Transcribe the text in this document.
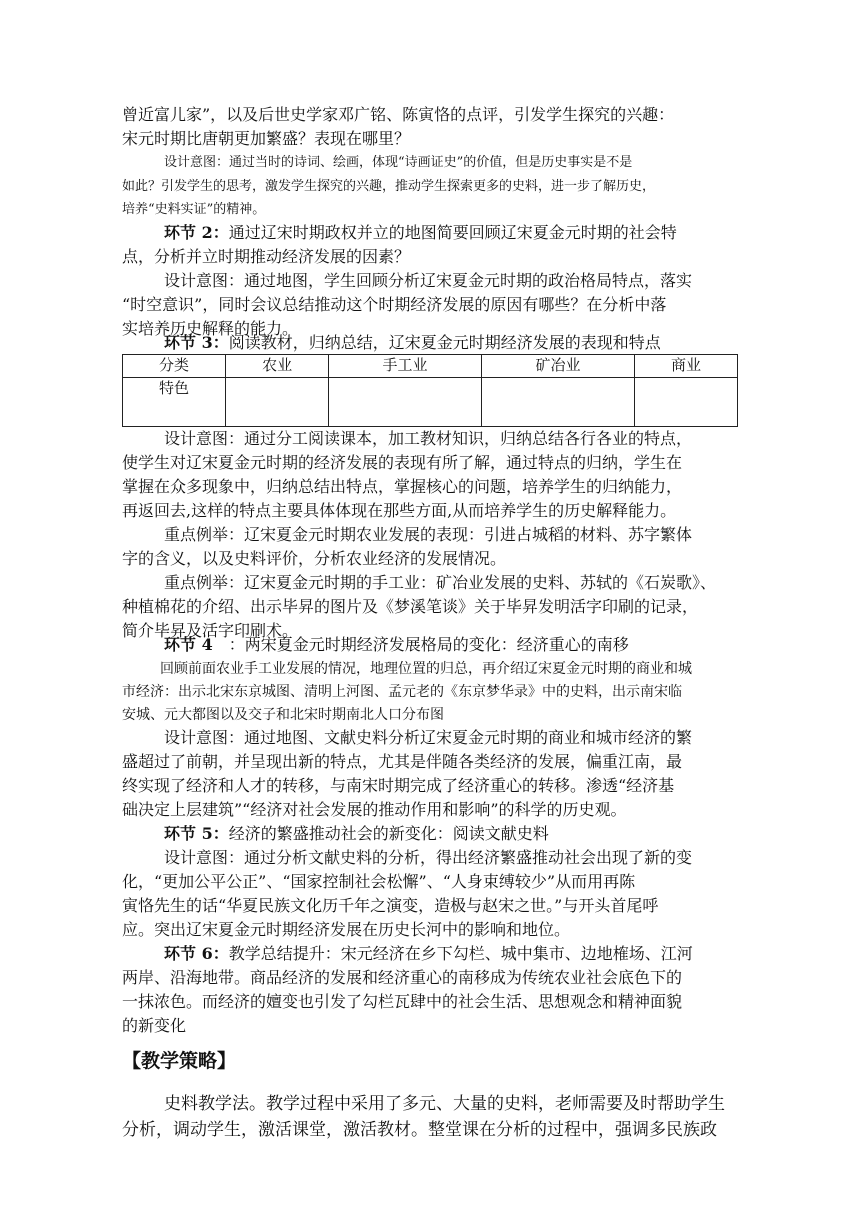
曾近富儿家”，以及后世史学家邓广铭、陈寅恪的点评，引发学生探究的兴趣：
宋元时期比唐朝更加繁盛？表现在哪里？
设计意图：通过当时的诗词、绘画，体现“诗画证史”的价值，但是历史事实是不是
如此？引发学生的思考，激发学生探究的兴趣，推动学生探索更多的史料，进一步了解历史，
培养“史料实证”的精神。
环节 2：通过辽宋时期政权并立的地图简要回顾辽宋夏金元时期的社会特
点，分析并立时期推动经济发展的因素？
设计意图：通过地图，学生回顾分析辽宋夏金元时期的政治格局特点，落实
“时空意识”，同时会议总结推动这个时期经济发展的原因有哪些？在分析中落
实培养历史解释的能力。
环节 3：阅读教材，归纳总结，辽宋夏金元时期经济发展的表现和特点
分类	农业	手工业	矿冶业	商业
特色				
设计意图：通过分工阅读课本，加工教材知识，归纳总结各行各业的特点，
使学生对辽宋夏金元时期的经济发展的表现有所了解，通过特点的归纳，学生在
掌握在众多现象中，归纳总结出特点，掌握核心的问题，培养学生的归纳能力，
再返回去,这样的特点主要具体体现在那些方面,从而培养学生的历史解释能力。
重点例举：辽宋夏金元时期农业发展的表现：引进占城稻的材料、苏字繁体
字的含义，以及史料评价，分析农业经济的发展情况。
重点例举：辽宋夏金元时期的手工业：矿冶业发展的史料、苏轼的《石炭歌》、
种植棉花的介绍、出示毕昇的图片及《梦溪笔谈》关于毕昇发明活字印刷的记录，
简介毕昇及活字印刷术。
环节 4 ：两宋夏金元时期经济发展格局的变化：经济重心的南移
回顾前面农业手工业发展的情况，地理位置的归总，再介绍辽宋夏金元时期的商业和城
市经济：出示北宋东京城图、清明上河图、孟元老的《东京梦华录》中的史料，出示南宋临
安城、元大都图以及交子和北宋时期南北人口分布图
设计意图：通过地图、文献史料分析辽宋夏金元时期的商业和城市经济的繁
盛超过了前朝，并呈现出新的特点，尤其是伴随各类经济的发展，偏重江南，最
终实现了经济和人才的转移，与南宋时期完成了经济重心的转移。渗透“经济基
础决定上层建筑”“经济对社会发展的推动作用和影响”的科学的历史观。
环节 5：经济的繁盛推动社会的新变化：阅读文献史料
设计意图：通过分析文献史料的分析，得出经济繁盛推动社会出现了新的变
化，“更加公平公正”、“国家控制社会松懈”、“人身束缚较少”从而用再陈
寅恪先生的话“华夏民族文化历千年之演变，造极与赵宋之世。”与开头首尾呼
应。突出辽宋夏金元时期经济发展在历史长河中的影响和地位。
环节 6：教学总结提升：宋元经济在乡下勾栏、城中集市、边地榷场、江河
两岸、沿海地带。商品经济的发展和经济重心的南移成为传统农业社会底色下的
一抹浓色。而经济的嬗变也引发了勾栏瓦肆中的社会生活、思想观念和精神面貌
的新变化
【教学策略】
史料教学法。教学过程中采用了多元、大量的史料，老师需要及时帮助学生
分析，调动学生，激活课堂，激活教材。整堂课在分析的过程中，强调多民族政
